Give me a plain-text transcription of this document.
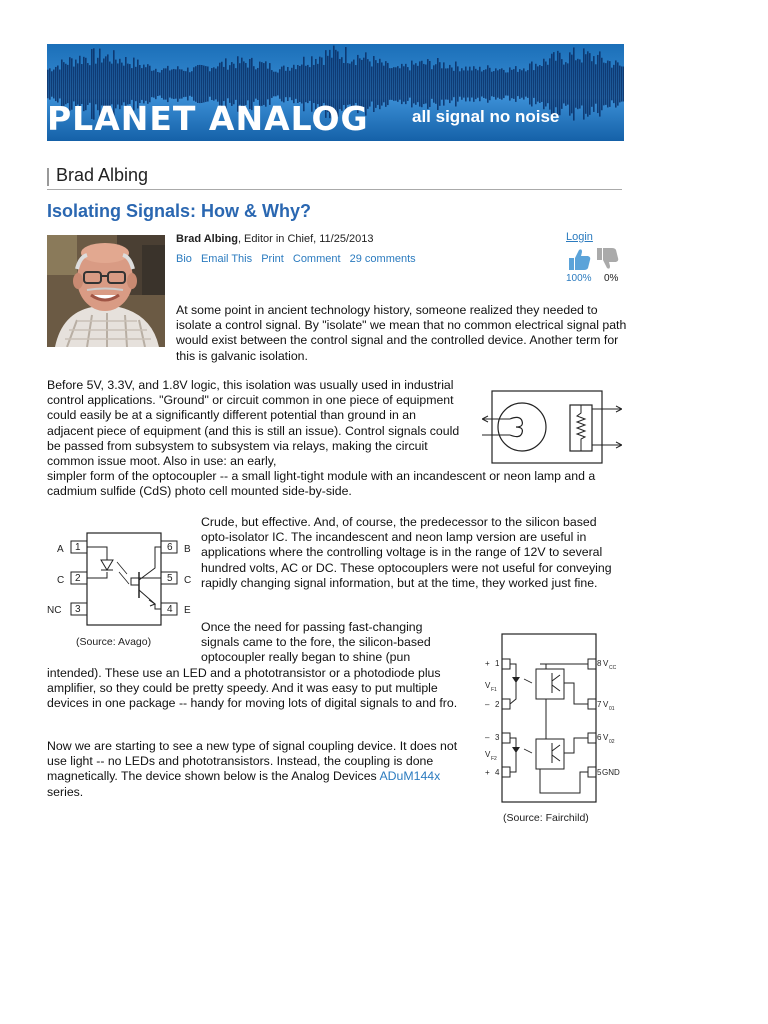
PLANET ANALOG	all signal no noise
Brad Albing
Isolating Signals: How & Why?
Brad Albing, Editor in Chief, 11/25/2013
Bio Email This Print Comment 29 comments
Login
100% 0%
At some point in ancient technology history, someone realized they needed to isolate a control signal. By "isolate" we mean that no common electrical signal path would exist between the control signal and the controlled device. Another term for this is galvanic isolation.
Before 5V, 3.3V, and 1.8V logic, this isolation was usually used in industrial control applications. "Ground" or circuit common in one piece of equipment could easily be at a significantly different potential than ground in an adjacent piece of equipment (and this is still an issue). Control signals could be passed from subsystem to subsystem via relays, making the circuit common issue moot. Also in use: an early,
simpler form of the optocoupler -- a small light-tight module with an incandescent or neon lamp and a cadmium sulfide (CdS) photo cell mounted side-by-side.
A
C
NC
1
2
3
6
5
4
B
C
E
(Source: Avago)
Crude, but effective. And, of course, the predecessor to the silicon based opto-isolator IC. The incandescent and neon lamp version are useful in applications where the controlling voltage is in the range of 12V to several hundred volts, AC or DC. These optocouplers were not useful for conveying rapidly changing signal information, but at the time, they worked just fine.
Once the need for passing fast-changing signals came to the fore, the silicon-based optocoupler really began to shine (pun
intended). These use an LED and a phototransistor or a photodiode plus amplifier, so they could be pretty speedy. And it was easy to put multiple devices in one package -- handy for moving lots of digital signals to and fro.
1
2
3
4
+
–
–
+
V F1
V F2
8
7
6
5
V CC
V 01
V 02
GND
(Source: Fairchild)
Now we are starting to see a new type of signal coupling device. It does not use light -- no LEDs and phototransistors. Instead, the coupling is done magnetically. The device shown below is the Analog Devices ADuM144x series.
